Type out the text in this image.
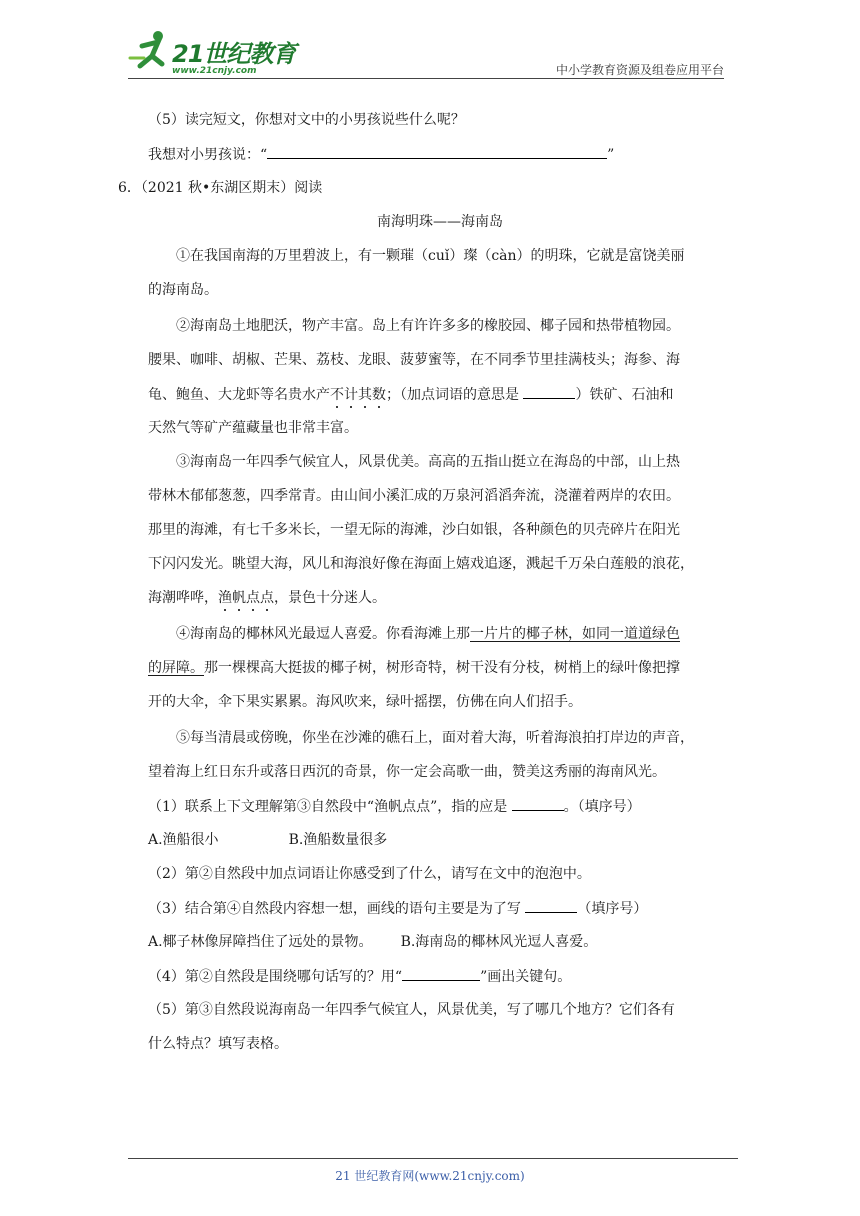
21世纪教育
www.21cnjy.com	中小学教育资源及组卷应用平台
（5）读完短文，你想对文中的小男孩说些什么呢？
我想对小男孩说：“	”
6．（2021 秋•东湖区期末）阅读
南海明珠——海南岛
①在我国南海的万里碧波上，有一颗璀（cuǐ）璨（càn）的明珠，它就是富饶美丽
的海南岛。
②海南岛土地肥沃，物产丰富。岛上有许许多多的橡胶园、椰子园和热带植物园。
腰果、咖啡、胡椒、芒果、荔枝、龙眼、菠萝蜜等，在不同季节里挂满枝头；海参、海
龟、鲍鱼、大龙虾等名贵水产不计其数；（加点词语的意思是	）铁矿、石油和
天然气等矿产蕴藏量也非常丰富。
③海南岛一年四季气候宜人，风景优美。高高的五指山挺立在海岛的中部，山上热
带林木郁郁葱葱，四季常青。由山间小溪汇成的万泉河滔滔奔流，浇灌着两岸的农田。
那里的海滩，有七千多米长，一望无际的海滩，沙白如银，各种颜色的贝壳碎片在阳光
下闪闪发光。眺望大海，风儿和海浪好像在海面上嬉戏追逐，溅起千万朵白莲般的浪花，
海潮哗哗，渔帆点点，景色十分迷人。
④海南岛的椰林风光最逗人喜爱。你看海滩上那一片片的椰子林，如同一道道绿色
的屏障。那一棵棵高大挺拔的椰子树，树形奇特，树干没有分枝，树梢上的绿叶像把撑
开的大伞，伞下果实累累。海风吹来，绿叶摇摆，仿佛在向人们招手。
⑤每当清晨或傍晚，你坐在沙滩的礁石上，面对着大海，听着海浪拍打岸边的声音，
望着海上红日东升或落日西沉的奇景，你一定会高歌一曲，赞美这秀丽的海南风光。
（1）联系上下文理解第③自然段中“渔帆点点”，指的应是	。（填序号）
A.渔船很小	B.渔船数量很多
（2）第②自然段中加点词语让你感受到了什么，请写在文中的泡泡中。
（3）结合第④自然段内容想一想，画线的语句主要是为了写	（填序号）
A.椰子林像屏障挡住了远处的景物。 B.海南岛的椰林风光逗人喜爱。
（4）第②自然段是围绕哪句话写的？用“	”画出关键句。
（5）第③自然段说海南岛一年四季气候宜人，风景优美，写了哪几个地方？它们各有
什么特点？填写表格。
21 世纪教育网(www.21cnjy.com)
